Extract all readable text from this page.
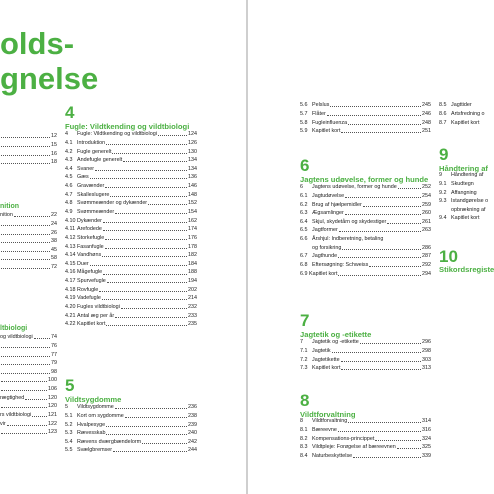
olds-
gnelse
12
15
16
18
nition
nition	22
24
26
38
45
58
72
ltbiologi
og vildtbiologi	74
76
77
79
98
100
106
rægtighed	120
120
rs vildtbiologi	121
vir	122
123
4
Fugle: Vildtkending og vildtbiologi
4	Fugle: Vildtkending og vildtbiologi	124
4.1 Introduktion	126
4.2 Fugle generelt	130
4.3 Andefugle generelt	134
4.4 Svaner	134
4.5 Gæs	136
4.6 Gravænder	146
4.7 Skalleslugere	148
4.8 Svømmeænder og dykænder	152
4.9 Svømmeænder	154
4.10 Dykænder	162
4.11 Arefodede	174
4.12 Storkefugle	176
4.13 Fasanfugle	178
4.14 Vandhøns	182
4.15 Duer	184
4.16 Mågefugle	188
4.17 Spurvefugle	194
4.18 Rovfugle	202
4.19 Vadefugle	214
4.20 Fugles vildtbiologi	232
4.21 Antal æg per år	233
4.22 Kapitlet kort	235
5
Vildtsygdomme
5	Vildtsygdomme	236
5.1 Kort om sygdomme	238
5.2 Hvalpesyge	239
5.3 Rævesskab	240
5.4 Rævens dværgbændelorm	242
5.5 Svælgbremser	244
5.6 Pelslus	245
5.7 Flåter	246
5.8 Fugleinfluenza	248
5.9 Kapitlet kort	251
6
Jagtens udøvelse, former og hunde
6	Jagtens udøvelse, former og hunde	252
6.1 Jagtudøvelse	254
6.2 Brug af hjælpemidler	259
6.3 Ægsamlinger	260
6.4 Skjul, skydetårn og skydestiger	261
6.5 Jagtformer	263
6.6 Årshjul: Indberetning, betaling
og forsikring	286
6.7 Jagthunde	287
6.8 Eftersøgning: Schweiss	292
6.9 Kapitlet kort	294
7
Jagtetik og -etikette
7	Jagtetik og -etikette	296
7.1 Jagtetik	298
7.2 Jagtetikette	303
7.3 Kapitlet kort	313
8
Vildtforvaltning
8	Vildtforvaltning	314
8.1 Bæreevne	316
8.2 Kompensations-princippet	324
8.3 Vildtpleje: Forøgelse af bæreevnen	325
8.4 Naturbeskyttelse	339
8.5 Jagttider
8.6 Artsfredning o
8.7 Kapitlet kort
9
Håndtering af
9	Håndtering af
9.1 Skudtegn
9.2 Affangning
9.3 Istandgørelse o
opbrækning af
9.4 Kapitlet kort
10
Stikordsregiste
